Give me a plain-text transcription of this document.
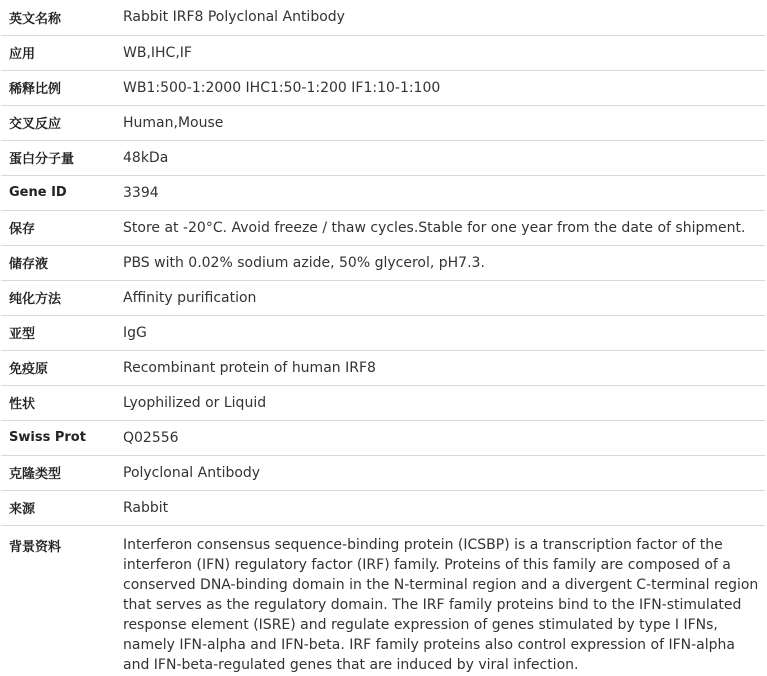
英文名称	Rabbit IRF8 Polyclonal Antibody
应用	WB,IHC,IF
稀释比例	WB1:500-1:2000 IHC1:50-1:200 IF1:10-1:100
交叉反应	Human,Mouse
蛋白分子量	48kDa
Gene ID	3394
保存	Store at -20°C. Avoid freeze / thaw cycles.Stable for one year from the date of shipment.
储存液	PBS with 0.02% sodium azide, 50% glycerol, pH7.3.
纯化方法	Affinity purification
亚型	IgG
免疫原	Recombinant protein of human IRF8
性状	Lyophilized or Liquid
Swiss Prot	Q02556
克隆类型	Polyclonal Antibody
来源	Rabbit
背景资料	Interferon consensus sequence-binding protein (ICSBP) is a transcription factor of the interferon (IFN) regulatory factor (IRF) family. Proteins of this family are composed of a conserved DNA-binding domain in the N-terminal region and a divergent C-terminal region that serves as the regulatory domain. The IRF family proteins bind to the IFN-stimulated response element (ISRE) and regulate expression of genes stimulated by type I IFNs, namely IFN-alpha and IFN-beta. IRF family proteins also control expression of IFN-alpha and IFN-beta-regulated genes that are induced by viral infection.
